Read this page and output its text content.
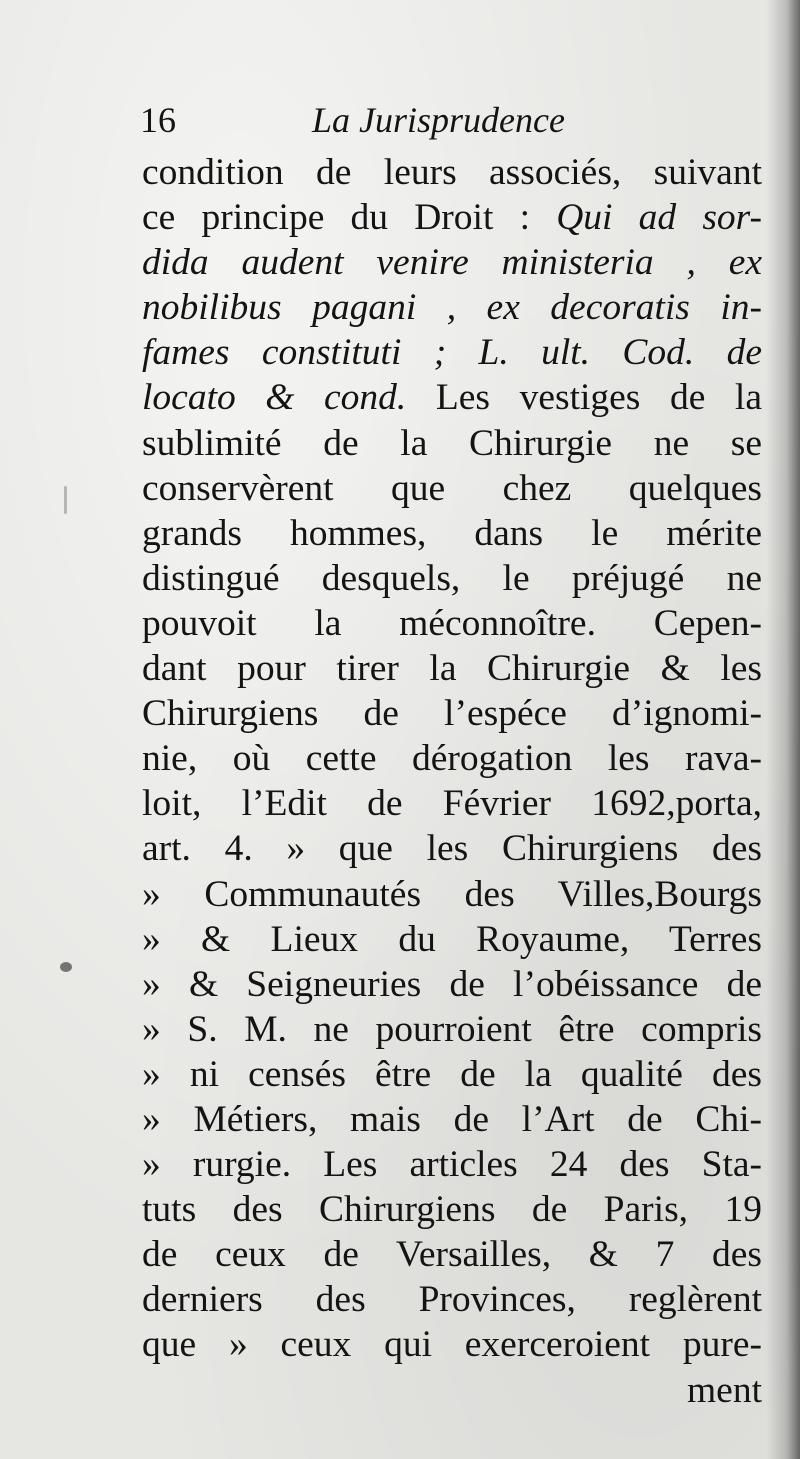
16	La Jurisprudence
condition de leurs associés, suivant
ce principe du Droit : Qui ad sor-
dida audent venire ministeria , ex
nobilibus pagani , ex decoratis in-
fames constituti ; L. ult. Cod. de
locato & cond. Les vestiges de la
sublimité de la Chirurgie ne se
conservèrent que chez quelques
grands hommes, dans le mérite
distingué desquels, le préjugé ne
pouvoit la méconnoître. Cepen-
dant pour tirer la Chirurgie & les
Chirurgiens de l’espéce d’ignomi-
nie, où cette dérogation les rava-
loit, l’Edit de Février 1692,porta,
art. 4. » que les Chirurgiens des
» Communautés des Villes,Bourgs
» & Lieux du Royaume, Terres
» & Seigneuries de l’obéissance de
» S. M. ne pourroient être compris
» ni censés être de la qualité des
» Métiers, mais de l’Art de Chi-
» rurgie. Les articles 24 des Sta-
tuts des Chirurgiens de Paris, 19
de ceux de Versailles, & 7 des
derniers des Provinces, reglèrent
que » ceux qui exerceroient pure-
ment
